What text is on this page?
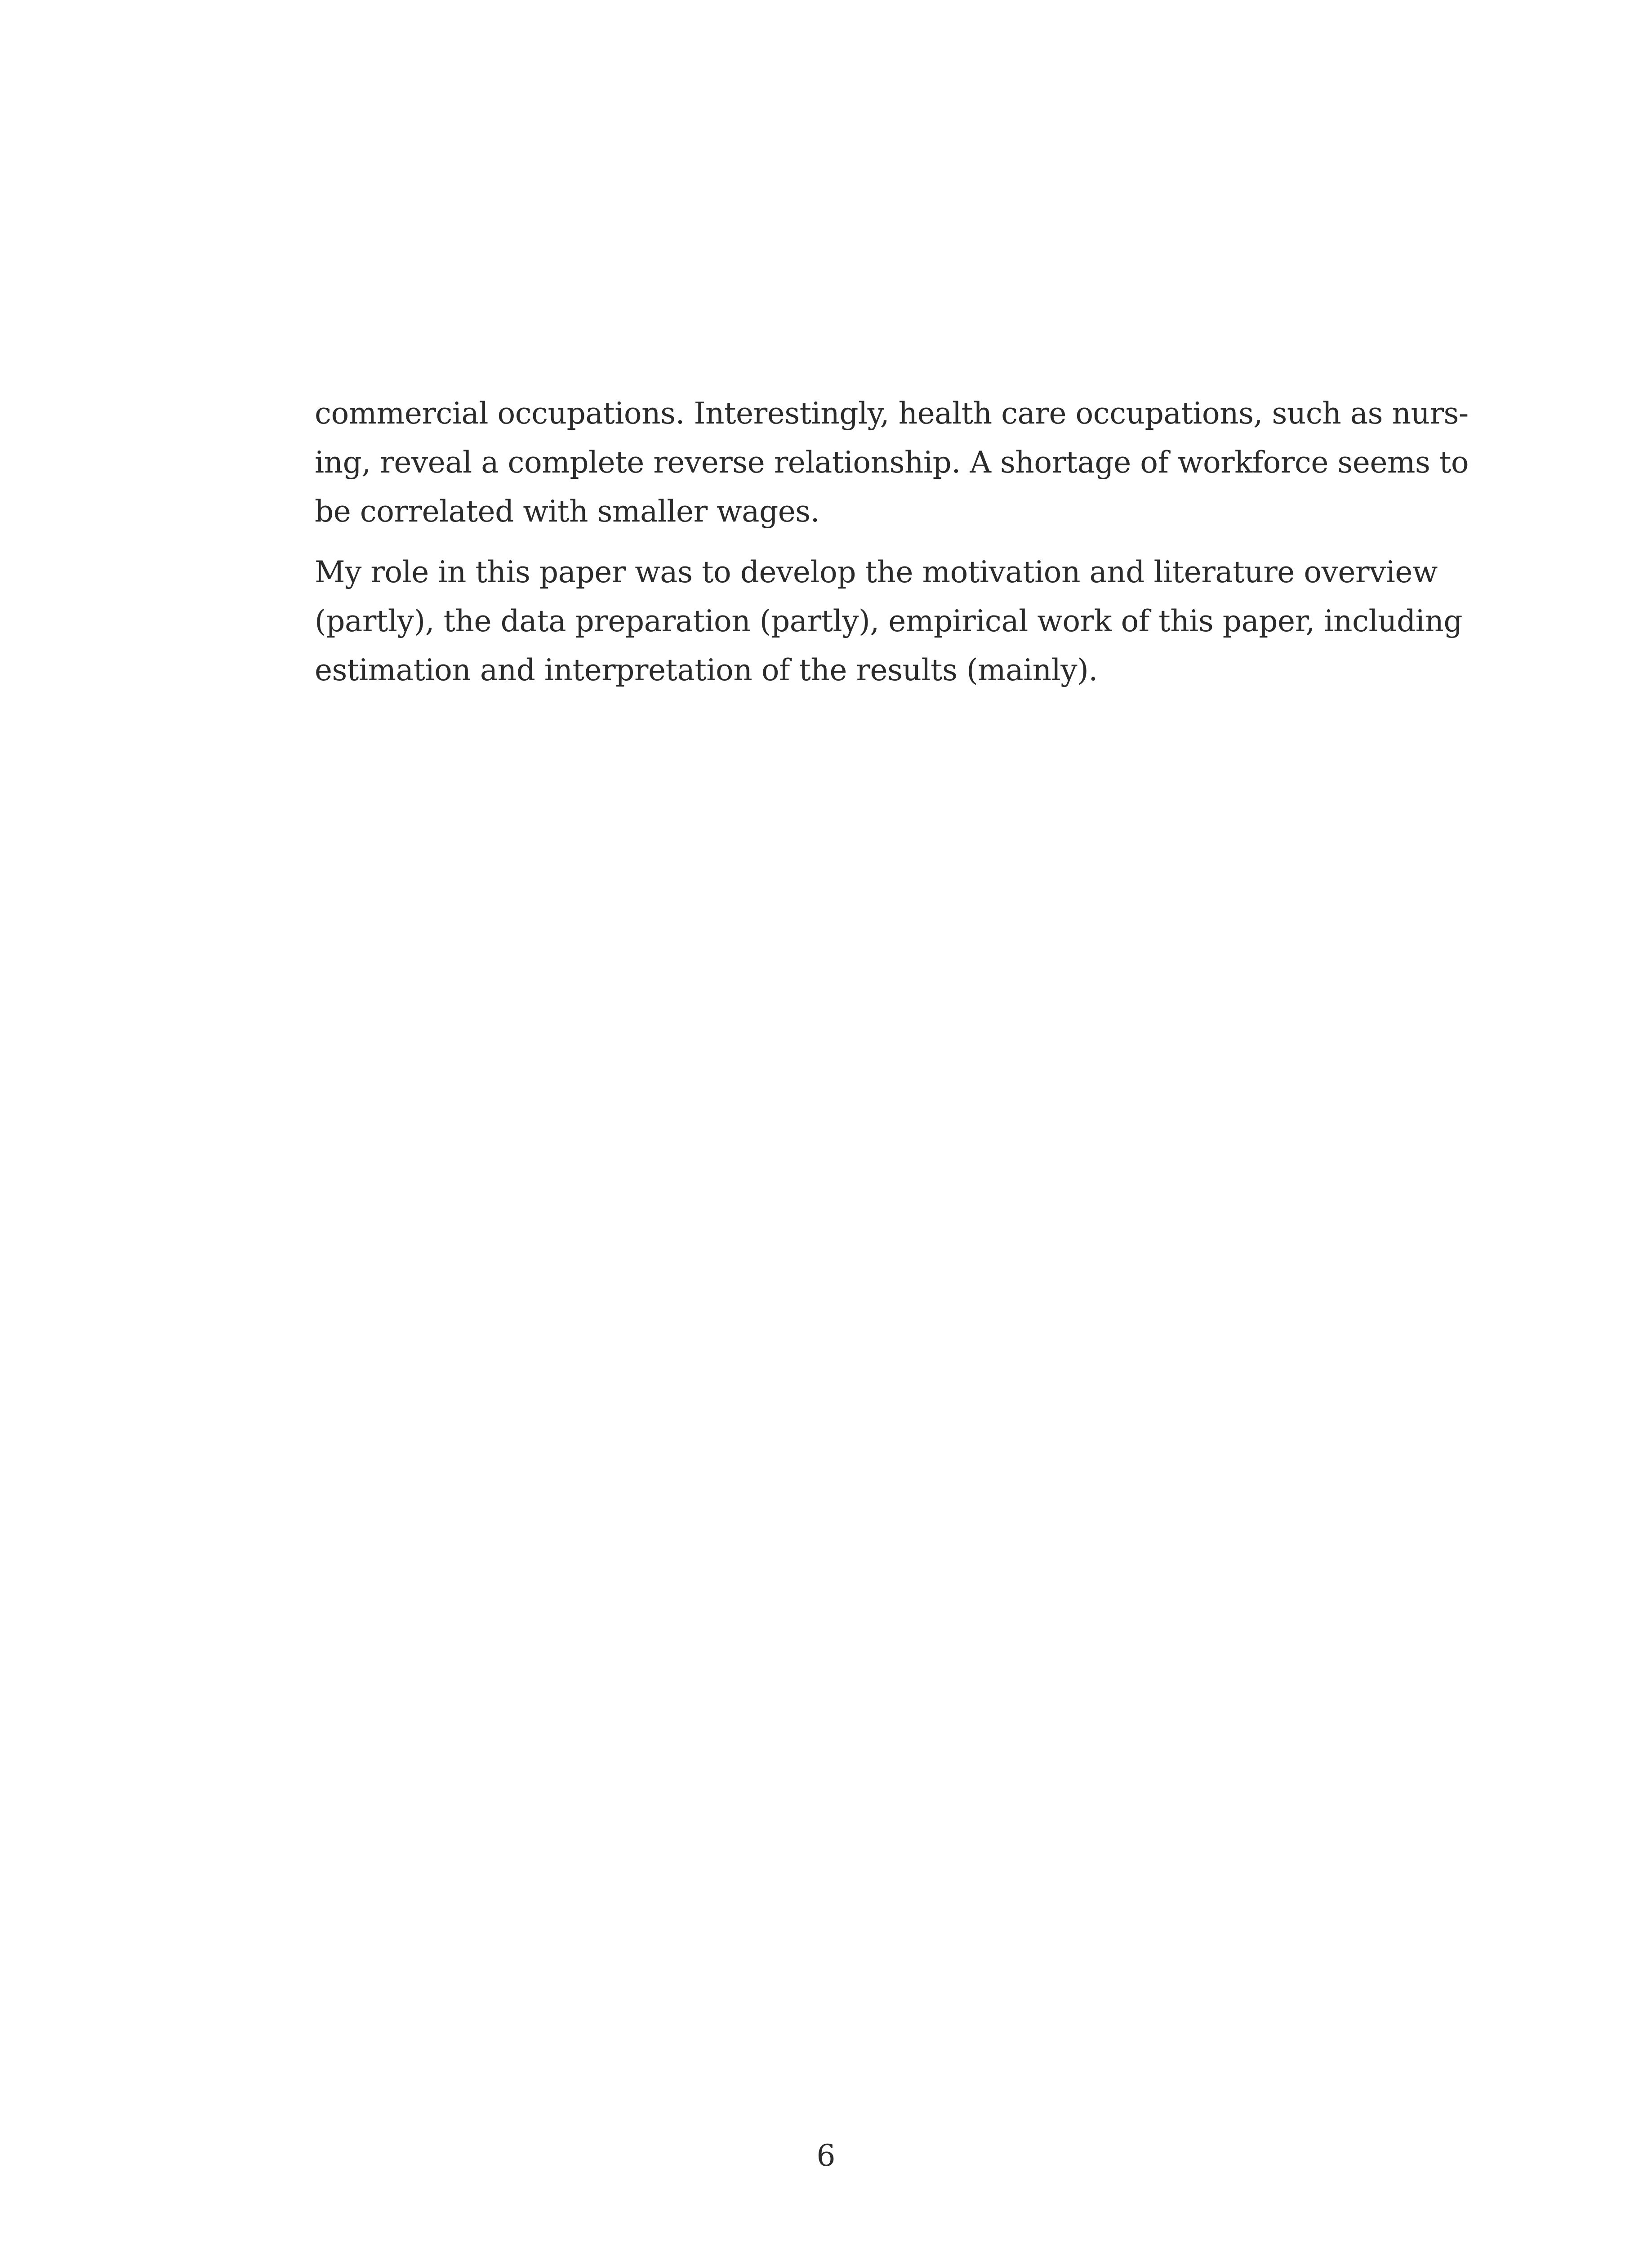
commercial occupations. Interestingly, health care occupations, such as nurs-
ing, reveal a complete reverse relationship. A shortage of workforce seems to
be correlated with smaller wages.
My role in this paper was to develop the motivation and literature overview
(partly), the data preparation (partly), empirical work of this paper, including
estimation and interpretation of the results (mainly).
6
